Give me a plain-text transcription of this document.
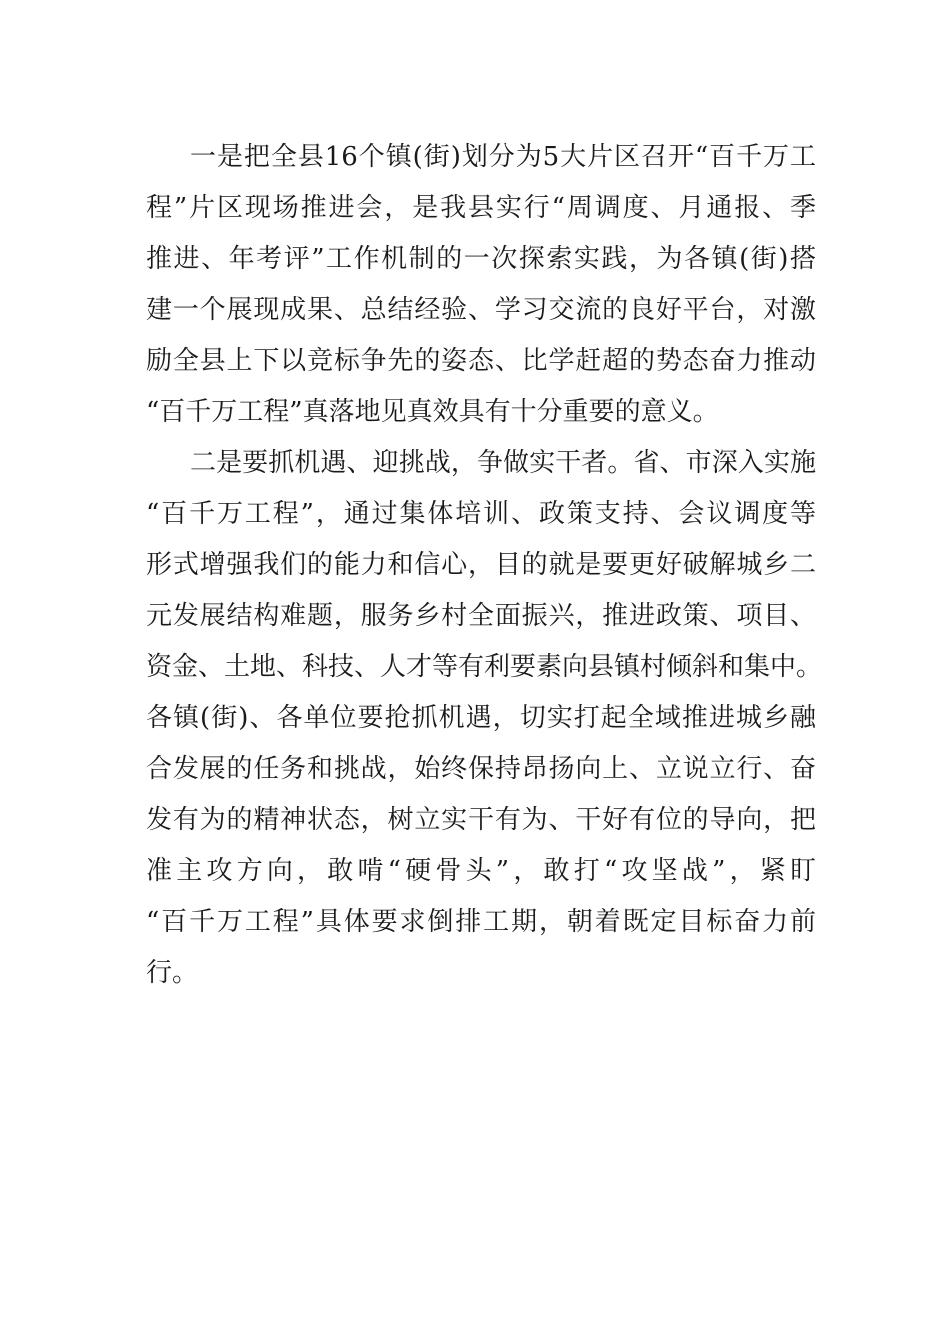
一是把全县16个镇(街)划分为5大片区召开“百千万工
程”片区现场推进会，是我县实行“周调度、月通报、季
推进、年考评”工作机制的一次探索实践，为各镇(街)搭
建一个展现成果、总结经验、学习交流的良好平台，对激
励全县上下以竞标争先的姿态、比学赶超的势态奋力推动
“百千万工程”真落地见真效具有十分重要的意义。
二是要抓机遇、迎挑战，争做实干者。省、市深入实施
“百千万工程”，通过集体培训、政策支持、会议调度等
形式增强我们的能力和信心，目的就是要更好破解城乡二
元发展结构难题，服务乡村全面振兴，推进政策、项目、
资金、土地、科技、人才等有利要素向县镇村倾斜和集中。
各镇(街)、各单位要抢抓机遇，切实打起全域推进城乡融
合发展的任务和挑战，始终保持昂扬向上、立说立行、奋
发有为的精神状态，树立实干有为、干好有位的导向，把
准主攻方向，敢啃“硬骨头”，敢打“攻坚战”，紧盯
“百千万工程”具体要求倒排工期，朝着既定目标奋力前
行。
